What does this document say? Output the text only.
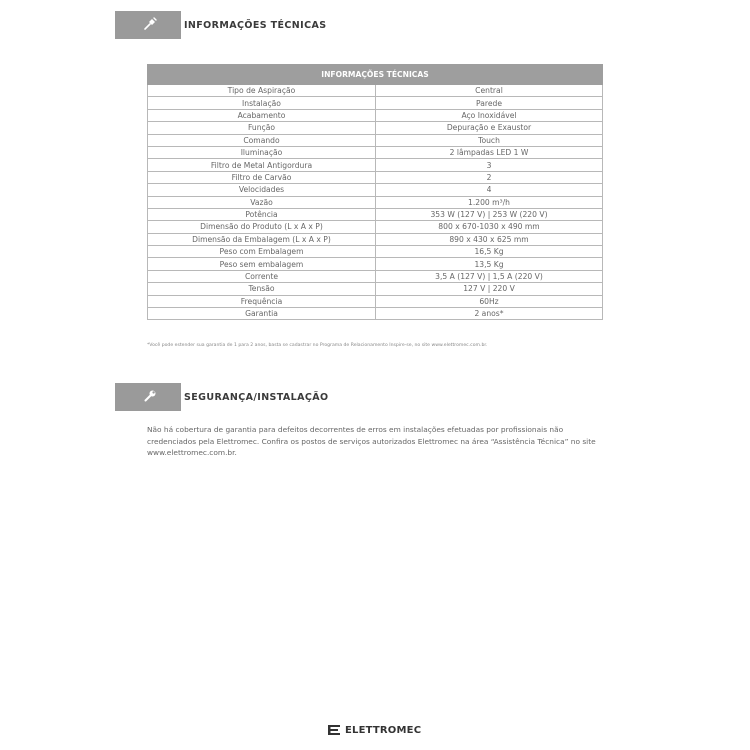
INFORMAÇÕES TÉCNICAS
INFORMAÇÕES TÉCNICAS	
Tipo de Aspiração	Central
Instalação	Parede
Acabamento	Aço Inoxidável
Função	Depuração e Exaustor
Comando	Touch
Iluminação	2 lâmpadas LED 1 W
Filtro de Metal Antigordura	3
Filtro de Carvão	2
Velocidades	4
Vazão	1.200 m³/h
Potência	353 W (127 V) | 253 W (220 V)
Dimensão do Produto (L x A x P)	800 x 670-1030 x 490 mm
Dimensão da Embalagem (L x A x P)	890 x 430 x 625 mm
Peso com Embalagem	16,5 Kg
Peso sem embalagem	13,5 Kg
Corrente	3,5 A (127 V) | 1,5 A (220 V)
Tensão	127 V | 220 V
Frequência	60Hz
Garantia	2 anos*
*Você pode estender sua garantia de 1 para 2 anos, basta se cadastrar no Programa de Relacionamento Inspire-se, no site www.elettromec.com.br.
SEGURANÇA/INSTALAÇÃO
Não há cobertura de garantia para defeitos decorrentes de erros em instalações efetuadas por profissionais não credenciados pela Elettromec. Confira os postos de serviços autorizados Elettromec na área “Assistência Técnica” no site www.elettromec.com.br.
ELETTROMEC
